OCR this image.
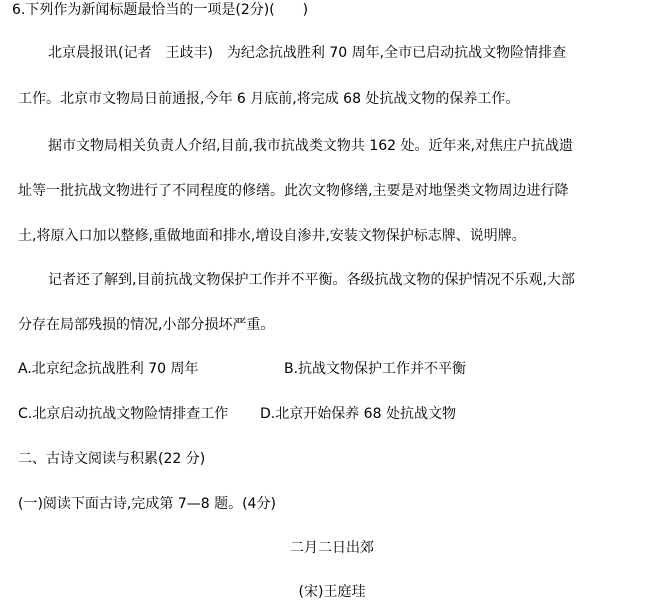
6.下列作为新闻标题最恰当的一项是(2分)(　　)
北京晨报讯(记者　王歧丰)　为纪念抗战胜利 70 周年,全市已启动抗战文物险情排查
工作。北京市文物局日前通报,今年 6 月底前,将完成 68 处抗战文物的保养工作。
据市文物局相关负责人介绍,目前,我市抗战类文物共 162 处。近年来,对焦庄户抗战遗
址等一批抗战文物进行了不同程度的修缮。此次文物修缮,主要是对地堡类文物周边进行降
土,将原入口加以整修,重做地面和排水,增设自渗井,安装文物保护标志牌、说明牌。
记者还了解到,目前抗战文物保护工作并不平衡。各级抗战文物的保护情况不乐观,大部
分存在局部残损的情况,小部分损坏严重。
A.北京纪念抗战胜利 70 周年	B.抗战文物保护工作并不平衡
C.北京启动抗战文物险情排查工作 D.北京开始保养 68 处抗战文物
二、古诗文阅读与积累(22 分)
(一)阅读下面古诗,完成第 7—8 题。(4分)
二月二日出郊
(宋)王庭珪
